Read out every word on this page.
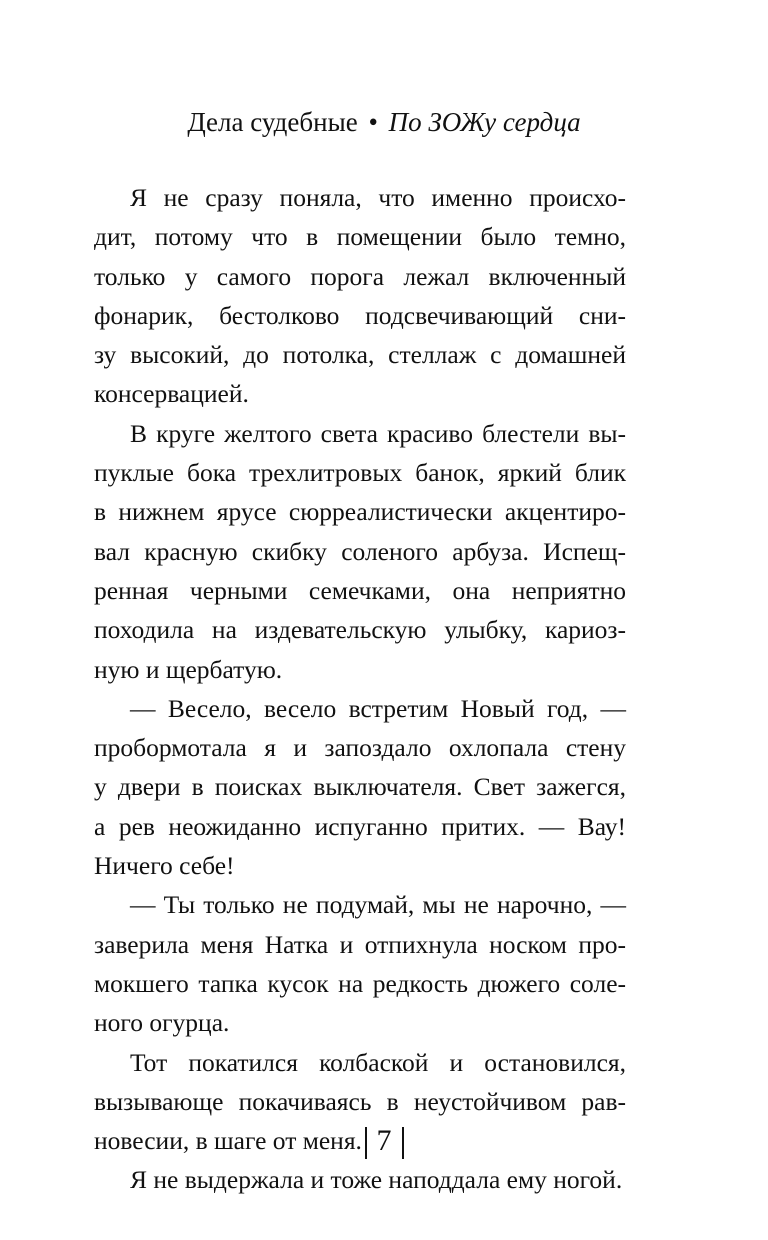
Дела судебные • По ЗОЖу сердца
Я не сразу поняла, что именно происхо-
дит, потому что в помещении было темно,
только у самого порога лежал включенный
фонарик, бестолково подсвечивающий сни-
зу высокий, до потолка, стеллаж с домашней
консервацией.
В круге желтого света красиво блестели вы-
пуклые бока трехлитровых банок, яркий блик
в нижнем ярусе сюрреалистически акцентиро-
вал красную скибку соленого арбуза. Испещ-
ренная черными семечками, она неприятно
походила на издевательскую улыбку, кариоз-
ную и щербатую.
— Весело, весело встретим Новый год, —
пробормотала я и запоздало охлопала стену
у двери в поисках выключателя. Свет зажегся,
а рев неожиданно испуганно притих. — Вау!
Ничего себе!
— Ты только не подумай, мы не нарочно, —
заверила меня Натка и отпихнула носком про-
мокшего тапка кусок на редкость дюжего соле-
ного огурца.
Тот покатился колбаской и остановился,
вызывающе покачиваясь в неустойчивом рав-
новесии, в шаге от меня.
Я не выдержала и тоже наподдала ему ногой.
7
